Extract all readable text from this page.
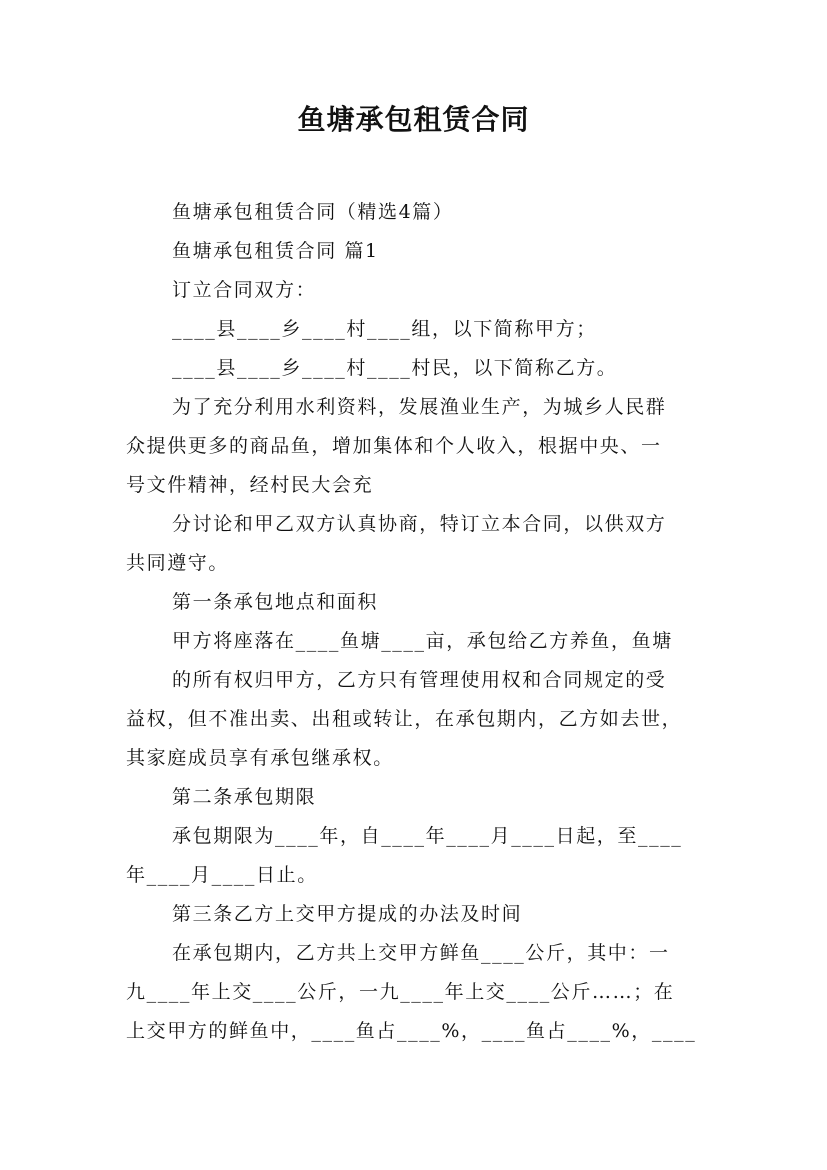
鱼塘承包租赁合同
鱼塘承包租赁合同（精选4篇）
鱼塘承包租赁合同 篇1
订立合同双方：
____县____乡____村____组，以下简称甲方；
____县____乡____村____村民，以下简称乙方。
为了充分利用水利资料，发展渔业生产，为城乡人民群
众提供更多的商品鱼，增加集体和个人收入，根据中央、一
号文件精神，经村民大会充
分讨论和甲乙双方认真协商，特订立本合同，以供双方
共同遵守。
第一条承包地点和面积
甲方将座落在____鱼塘____亩，承包给乙方养鱼，鱼塘
的所有权归甲方，乙方只有管理使用权和合同规定的受
益权，但不准出卖、出租或转让，在承包期内，乙方如去世，
其家庭成员享有承包继承权。
第二条承包期限
承包期限为____年，自____年____月____日起，至____
年____月____日止。
第三条乙方上交甲方提成的办法及时间
在承包期内，乙方共上交甲方鲜鱼____公斤，其中：一
九____年上交____公斤，一九____年上交____公斤……；在
上交甲方的鲜鱼中，____鱼占____%，____鱼占____%，____
